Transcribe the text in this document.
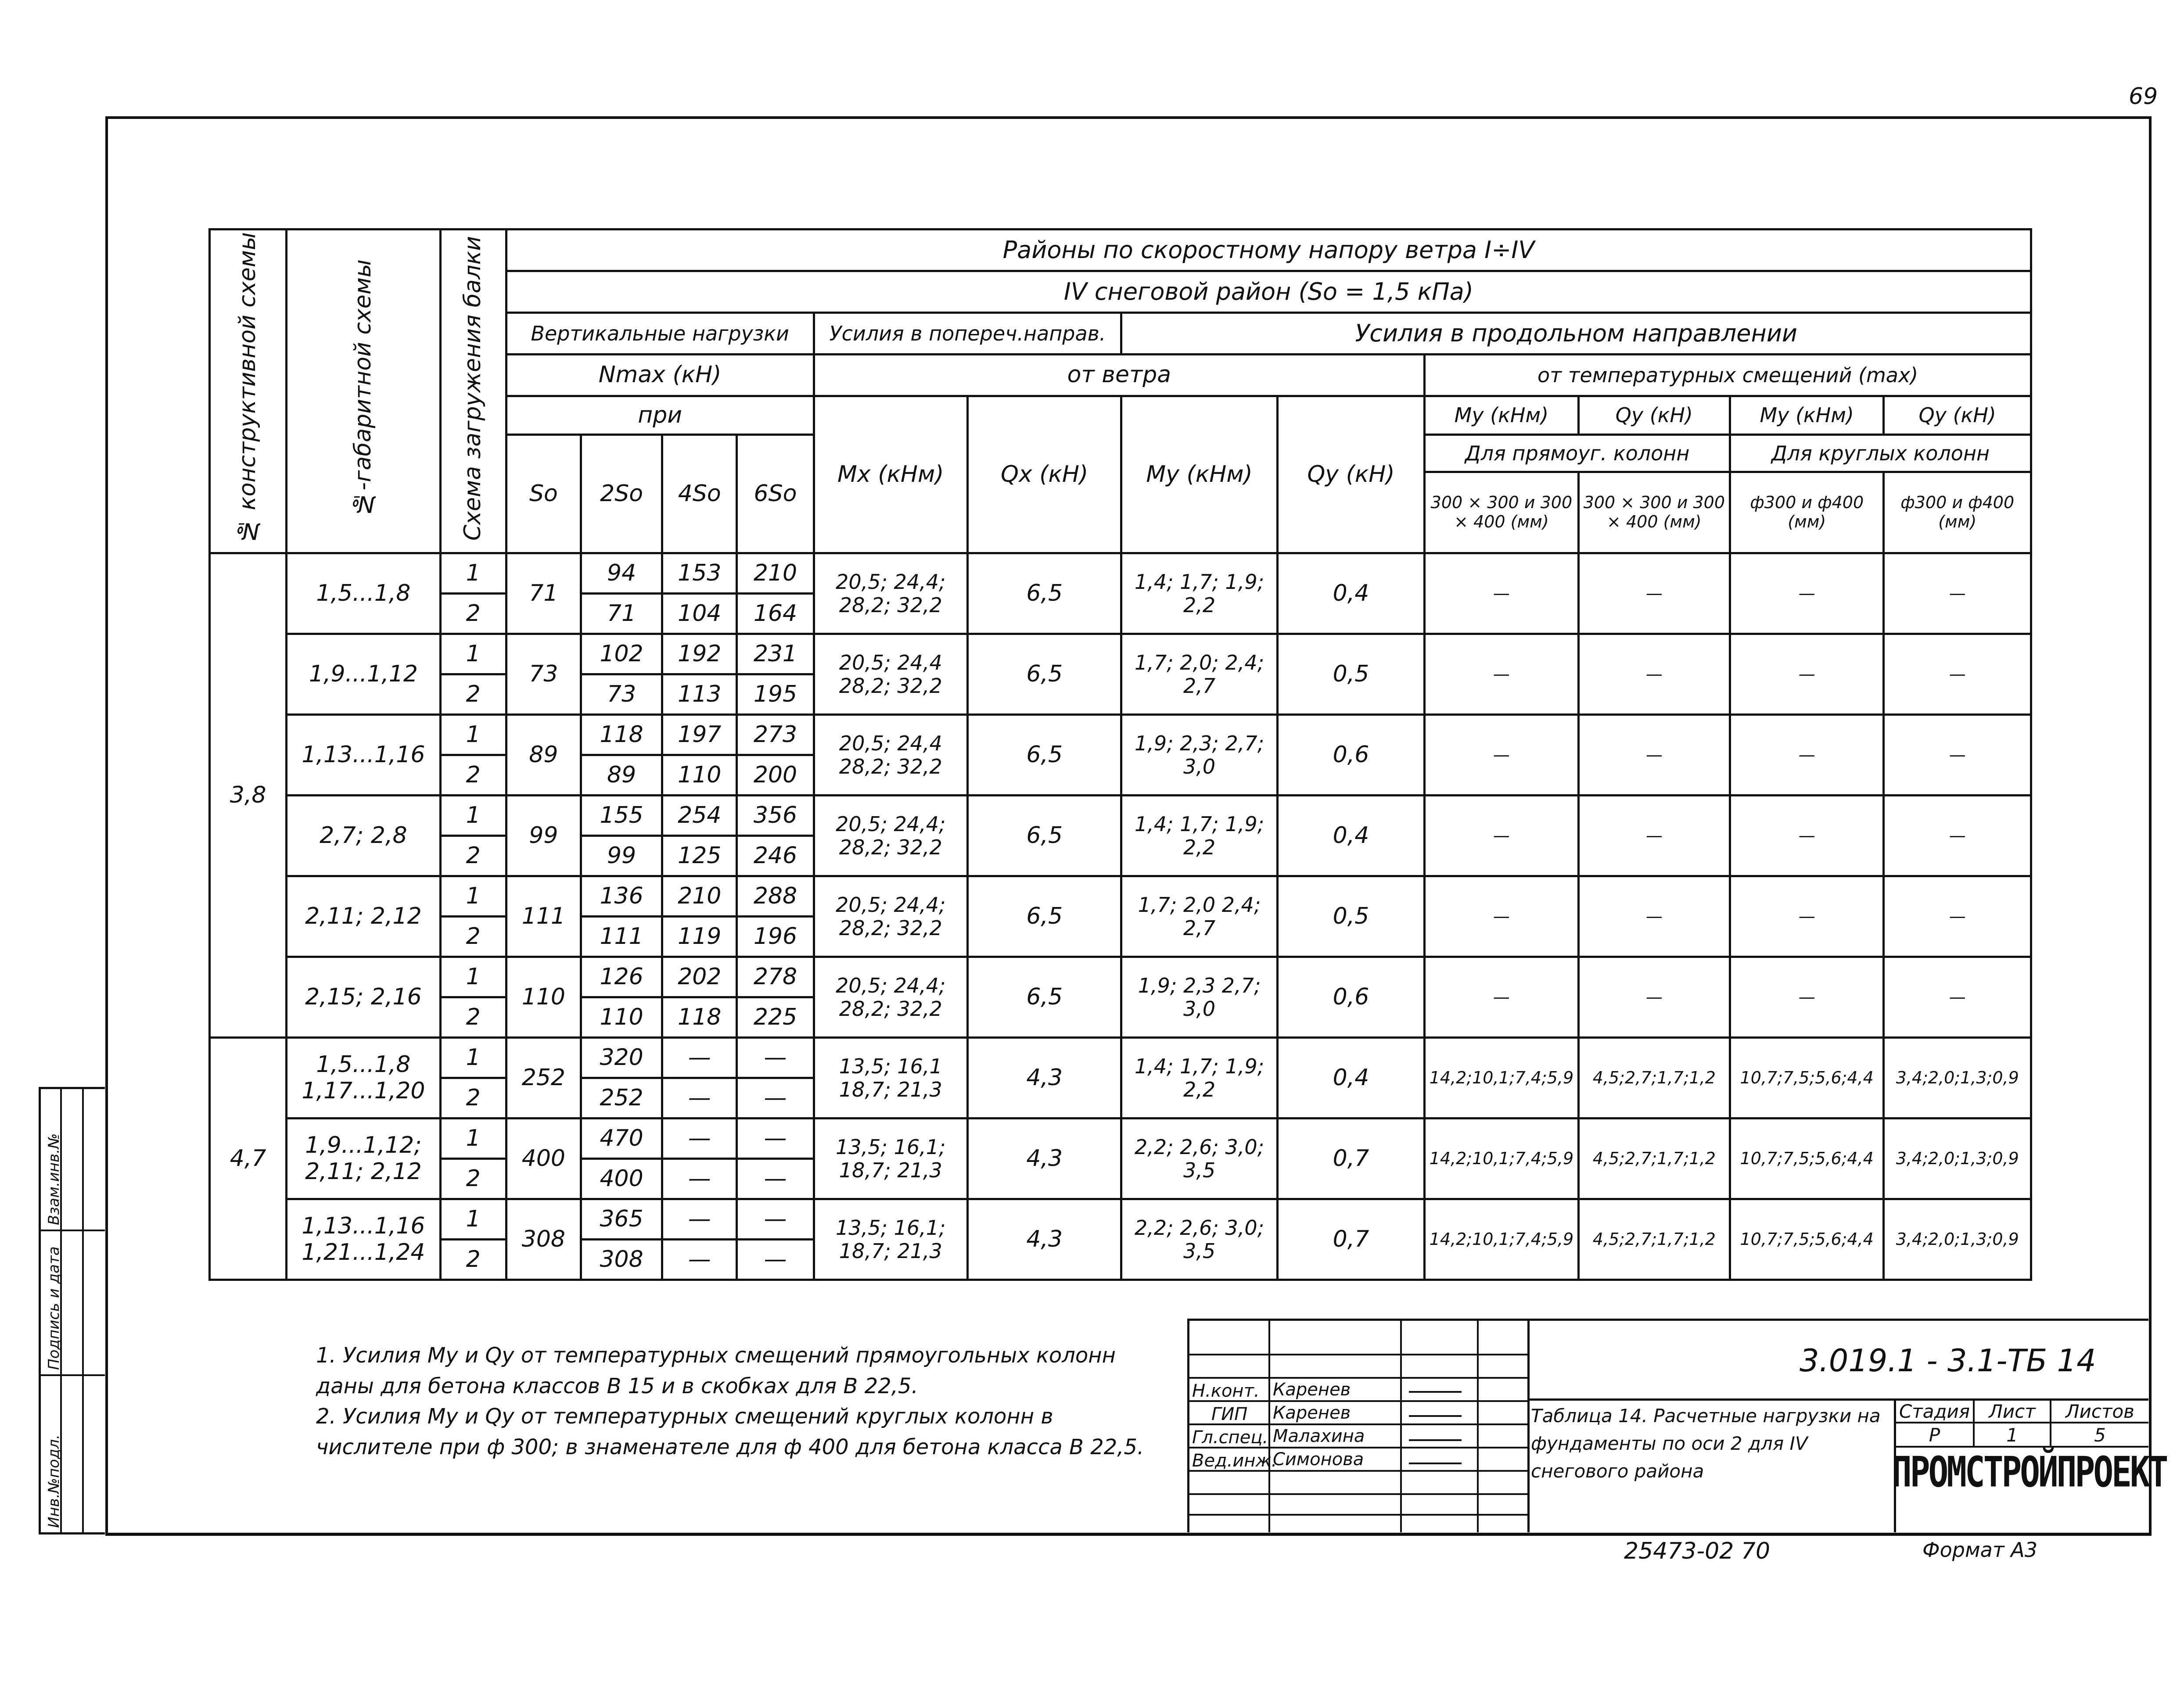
69
Инв.№подл.
Подпись и дата
Взам.инв.№
№ конструктивной схемы	№-габаритной схемы	Схема загружения балки	Районы по скоростному напору ветра I÷IV											
			IV снеговой район (Sо = 1,5 кПа)											
			Вертикальные нагрузки				Усилия в попереч.направ.		Усилия в продольном направлении					
			Nmax (кН)				от ветра				от температурных смещений (max)			
			при				Mх (кНм)	Qх (кН)	My (кНм)	Qy (кН)	My (кНм)	Qy (кН)	My (кНм)	Qy (кН)
			Sо	2Sо	4Sо	6Sо					Для прямоуг. колонн		Для круглых колонн	
											300 × 300 и 300 × 400 (мм)	300 × 300 и 300 × 400 (мм)	ф300 и ф400 (мм)	ф300 и ф400 (мм)
3,8	1,5...1,8	1	71	94	153	210	20,5; 24,4; 28,2; 32,2	6,5	1,4; 1,7; 1,9; 2,2	0,4	—	—	—	—
		2		71	104	164								
	1,9...1,12	1	73	102	192	231	20,5; 24,4 28,2; 32,2	6,5	1,7; 2,0; 2,4; 2,7	0,5	—	—	—	—
		2		73	113	195								
	1,13...1,16	1	89	118	197	273	20,5; 24,4 28,2; 32,2	6,5	1,9; 2,3; 2,7; 3,0	0,6	—	—	—	—
		2		89	110	200								
	2,7; 2,8	1	99	155	254	356	20,5; 24,4; 28,2; 32,2	6,5	1,4; 1,7; 1,9; 2,2	0,4	—	—	—	—
		2		99	125	246								
	2,11; 2,12	1	111	136	210	288	20,5; 24,4; 28,2; 32,2	6,5	1,7; 2,0 2,4; 2,7	0,5	—	—	—	—
		2		111	119	196								
	2,15; 2,16	1	110	126	202	278	20,5; 24,4; 28,2; 32,2	6,5	1,9; 2,3 2,7; 3,0	0,6	—	—	—	—
		2		110	118	225								
4,7	1,5...1,8 1,17...1,20	1	252	320	—	—	13,5; 16,1 18,7; 21,3	4,3	1,4; 1,7; 1,9; 2,2	0,4	14,2;10,1;7,4;5,9	4,5;2,7;1,7;1,2	10,7;7,5;5,6;4,4	3,4;2,0;1,3;0,9
		2		252	—	—								
	1,9...1,12; 2,11; 2,12	1	400	470	—	—	13,5; 16,1; 18,7; 21,3	4,3	2,2; 2,6; 3,0; 3,5	0,7	14,2;10,1;7,4;5,9	4,5;2,7;1,7;1,2	10,7;7,5;5,6;4,4	3,4;2,0;1,3;0,9
		2		400	—	—								
	1,13...1,16 1,21...1,24	1	308	365	—	—	13,5; 16,1; 18,7; 21,3	4,3	2,2; 2,6; 3,0; 3,5	0,7	14,2;10,1;7,4;5,9	4,5;2,7;1,7;1,2	10,7;7,5;5,6;4,4	3,4;2,0;1,3;0,9
		2		308	—	—								

1. Усилия My и Qy от температурных смещений прямоугольных колонн даны для бетона классов В 15 и в скобках для В 22,5.

2. Усилия My и Qy от температурных смещений круглых колонн в числителе при ф 300; в знаменателе для ф 400 для бетона класса В 22,5.

Н.конт. Каренев
ГИП Каренев
Гл.спец. Малахина
Вед.инж.
Симонова
Стадия	Лист	Листов
Р	1	5
3.019.1 - 3.1-ТБ 14
Таблица 14. Расчетные нагрузки на фундаменты по оси 2 для IV снегового района	ПРОМСТРОЙПРОЕКТ
25473-02 70	Формат А3
